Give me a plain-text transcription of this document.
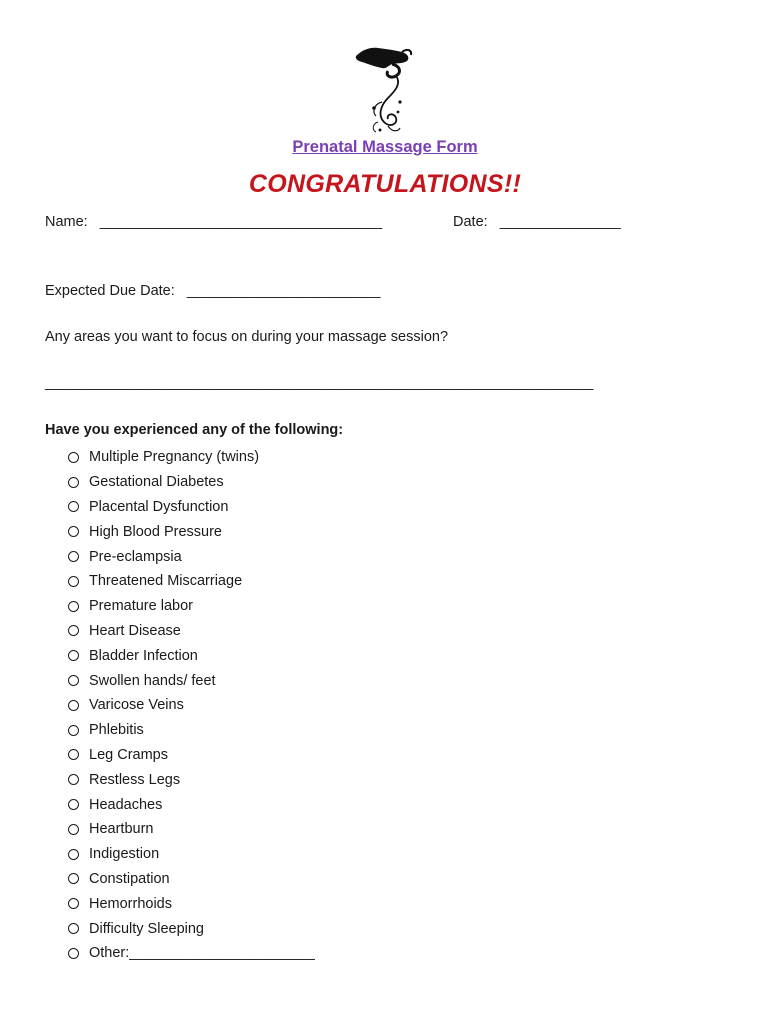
Prenatal Massage Form
CONGRATULATIONS!!
Name:   ___________________________________	Date:   _______________
Expected Due Date:   ________________________
Any areas you want to focus on during your massage session?
____________________________________________________________________
Have you experienced any of the following:
Multiple Pregnancy (twins)
Gestational Diabetes
Placental Dysfunction
High Blood Pressure
Pre-eclampsia
Threatened Miscarriage
Premature labor
Heart Disease
Bladder Infection
Swollen hands/ feet
Varicose Veins
Phlebitis
Leg Cramps
Restless Legs
Headaches
Heartburn
Indigestion
Constipation
Hemorrhoids
Difficulty Sleeping
Other:_______________________
